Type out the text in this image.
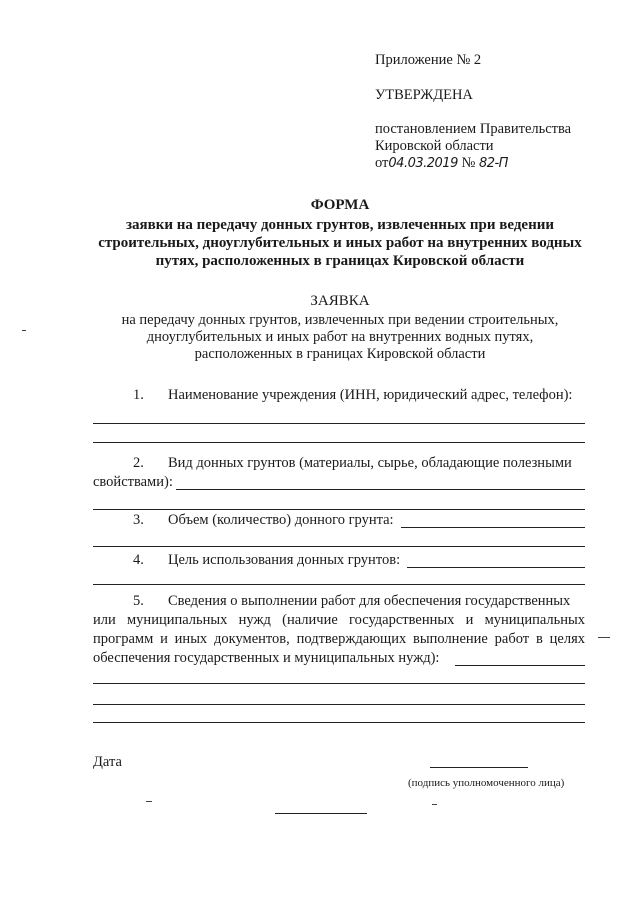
Приложение № 2
УТВЕРЖДЕНА
постановлением Правительства
Кировской области
от04.03.2019 № 82-П
ФОРМА
заявки на передачу донных грунтов, извлеченных при ведении
строительных, дноуглубительных и иных работ на внутренних водных
путях, расположенных в границах Кировской области
ЗАЯВКА
на передачу донных грунтов, извлеченных при ведении строительных,
дноуглубительных и иных работ на внутренних водных путях,
расположенных в границах Кировской области
1. Наименование учреждения (ИНН, юридический адрес, телефон):
2. Вид донных грунтов (материалы, сырье, обладающие полезными
свойствами):
3. Объем (количество) донного грунта:
4. Цель использования донных грунтов:
5. Сведения о выполнении работ для обеспечения государственных
или муниципальных нужд (наличие государственных и муниципальных
программ и иных документов, подтверждающих выполнение работ в целях
обеспечения государственных и муниципальных нужд):
Дата
(подпись уполномоченного лица)
